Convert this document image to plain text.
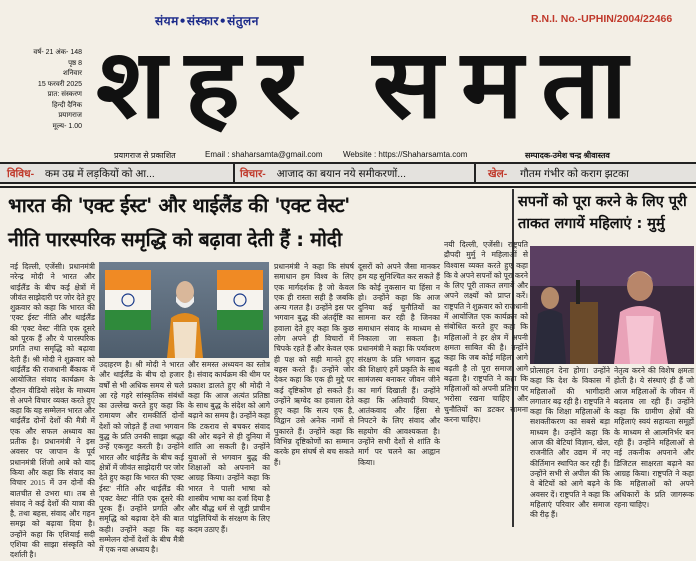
संयम•संस्कार•संतुलन	R.N.I. No.-UPHIN/2004/22466
वर्ष- 21 अंक- 148
पृष्ठ 8
शनिवार
15 फरवरी 2025
प्रात: संस्करण
हिन्दी दैनिक
प्रयागराज
मूल्य- 1.00 शहर समता
प्रयागराज से प्रकाशित	Email : shaharsamta@gmail.com	Website : https://Shaharsamta.com	सम्पादक-उमेश चन्द्र श्रीवास्तव
विविध- कम उम्र में लड़कियों को आ...	विचार- आजाद का बयान नये समीकरणों...	खेल- गौतम गंभीर को कराग झटका
भारत की 'एक्ट ईस्ट' और थाईलैंड की 'एक्ट वेस्ट'
नीति पारस्परिक समृद्धि को बढ़ावा देती हैं : मोदी
नई दिल्ली, एजेंसी। प्रधानमंत्री नरेन्द्र मोदी ने भारत और थाईलैंड के बीच कई क्षेत्रों में जीवंत साझेदारी पर जोर देते हुए शुक्रवार को कहा कि भारत की 'एक्ट ईस्ट' नीति और थाईलैंड की 'एक्ट वेस्ट' नीति एक दूसरे को पूरक हैं और ये पारस्परिक प्रगति तथा समृद्धि को बढ़ावा देती हैं। श्री मोदी ने शुक्रवार को थाईलैंड की राजधानी बैंकाक में आयोजित संवाद कार्यक्रम के दौरान वीडियो संदेश के माध्यम से अपने विचार व्यक्त करते हुए कहा कि यह सम्मेलन भारत और थाईलैंड दोनों देशों की मैत्री में एक और सफल अध्याय का प्रतीक है। प्रधानमंत्री ने इस अवसर पर जापान के पूर्व प्रधानमंत्री शिंजो आबे को याद किया और कहा कि संवाद का विचार 2015 में उन दोनों की बातचीत से उभरा था। तब से संवाद ने कई देशों की यात्रा की है, तथा बहस, संवाद और गहन समझ को बढ़ावा दिया है। उन्होंने कहा कि एशियाई सदी एशिया की साझा संस्कृति को दर्शाती है।
उदाहरण है। श्री मोदी ने भारत और थाईलैंड के बीच दो हजार वर्षों से भी अधिक समय से चले आ रहे गहरे सांस्कृतिक संबंधों का उल्लेख करते हुए कहा कि रामायण और रामकीर्ति दोनों देशों को जोड़ते हैं तथा भगवान बुद्ध के प्रति उनकी साझा श्रद्धा उन्हें एकजुट करती है। उन्होंने भारत और थाईलैंड के बीच कई क्षेत्रों में जीवंत साझेदारी पर जोर देते हुए कहा कि भारत की 'एक्ट ईस्ट' नीति और थाईलैंड की 'एक्ट वेस्ट' नीति एक दूसरे की पूरक हैं। उन्होंने प्रगति और समृद्धि को बढ़ावा देने की बात कही। उन्होंने कहा कि यह सम्मेलन दोनों देशों के बीच मैत्री में एक नया अध्याय है।
और समस्त अध्ययन का स्तोत्र है। संवाद कार्यक्रम की थीम पर प्रकाश डालते हुए श्री मोदी ने कहा कि आज अत्यंत प्रतिष्ठा के साथ बुद्ध के संदेश को आगे बढ़ाने का समय है। उन्होंने कहा कि टकराव से बचकर संवाद की ओर बढ़ने से ही दुनिया में शांति आ सकती है। उन्होंने युवाओं से भगवान बुद्ध की शिक्षाओं को अपनाने का आग्रह किया। उन्होंने कहा कि भारत ने पाली भाषा को शास्त्रीय भाषा का दर्जा दिया है और बौद्ध धर्म से जुड़ी प्राचीन पांडुलिपियों के संरक्षण के लिए कदम उठाए हैं।
प्रधानमंत्री ने कहा कि संघर्ष समाधान हम विश्व के लिए एक मार्गदर्शक है जो केवल एक ही रास्ता सही है जबकि अन्य गलत है। उन्होंने इस पर भगवान बुद्ध की अंतर्दृष्टि का हवाला देते हुए कहा कि कुछ लोग अपने ही विचारों में चिपके रहते हैं और केवल एक ही पक्ष को सही मानते हुए बहस करते हैं। उन्होंने जोर देकर कहा कि एक ही मुद्दे पर कई दृष्टिकोण हो सकते हैं। उन्होंने ऋग्वेद का हवाला देते हुए कहा कि सत्य एक है, विद्वान उसे अनेक नामों से पुकारते हैं। उन्होंने कहा कि विभिन्न दृष्टिकोणों का सम्मान करके हम संघर्ष से बच सकते हैं।
दूसरों को अपने जैसा मानकर हम यह सुनिश्चित कर सकते हैं कि कोई नुकसान या हिंसा न हो। उन्होंने कहा कि आज दुनिया कई चुनौतियों का सामना कर रही है जिनका समाधान संवाद के माध्यम से निकाला जा सकता है। प्रधानमंत्री ने कहा कि पर्यावरण संरक्षण के प्रति भगवान बुद्ध की शिक्षाएं हमें प्रकृति के साथ सामंजस्य बनाकर जीवन जीने का मार्ग दिखाती हैं। उन्होंने कहा कि अतिवादी विचार, आतंकवाद और हिंसा से निपटने के लिए संवाद और सहयोग की आवश्यकता है। उन्होंने सभी देशों से शांति के मार्ग पर चलने का आह्वान किया।
सपनों को पूरा करने के लिए पूरी ताकत लगायें महिलाएं : मुर्मु
नयी दिल्ली, एजेंसी। राष्ट्रपति द्रौपदी मुर्मु ने महिलाओं से विश्वास व्यक्त करते हुए कहा कि वे अपने सपनों को पूरा करने के लिए पूरी ताकत लगायें और अपने लक्ष्यों को प्राप्त करें। राष्ट्रपति ने शुक्रवार को राजधानी में आयोजित एक कार्यक्रम को संबोधित करते हुए कहा कि महिलाओं ने हर क्षेत्र में अपनी क्षमता साबित की है। उन्होंने कहा कि जब कोई महिला आगे बढ़ती है तो पूरा समाज आगे बढ़ता है। राष्ट्रपति ने कहा कि महिलाओं को अपनी प्रतिभा पर भरोसा रखना चाहिए और चुनौतियों का डटकर सामना करना चाहिए।
प्रोत्साहन देना होगा। उन्होंने कहा कि देश के विकास में महिलाओं की भागीदारी लगातार बढ़ रही है। राष्ट्रपति ने कहा कि शिक्षा महिलाओं के सशक्तीकरण का सबसे बड़ा माध्यम है। उन्होंने कहा कि आज की बेटियां विज्ञान, खेल, राजनीति और उद्यम में नए कीर्तिमान स्थापित कर रही हैं। उन्होंने सभी से अपील की कि वे बेटियों को आगे बढ़ने के अवसर दें। राष्ट्रपति ने कहा कि महिलाएं परिवार और समाज की रीढ़ हैं।
नेतृत्व करने की विशेष क्षमता होती है। ये संस्थाएं ही हैं जो आज महिलाओं के जीवन में बदलाव ला रही हैं। उन्होंने कहा कि ग्रामीण क्षेत्रों की महिलाएं स्वयं सहायता समूहों के माध्यम से आत्मनिर्भर बन रही हैं। उन्होंने महिलाओं से नई तकनीक अपनाने और डिजिटल साक्षरता बढ़ाने का आग्रह किया। राष्ट्रपति ने कहा कि महिलाओं को अपने अधिकारों के प्रति जागरूक रहना चाहिए।
